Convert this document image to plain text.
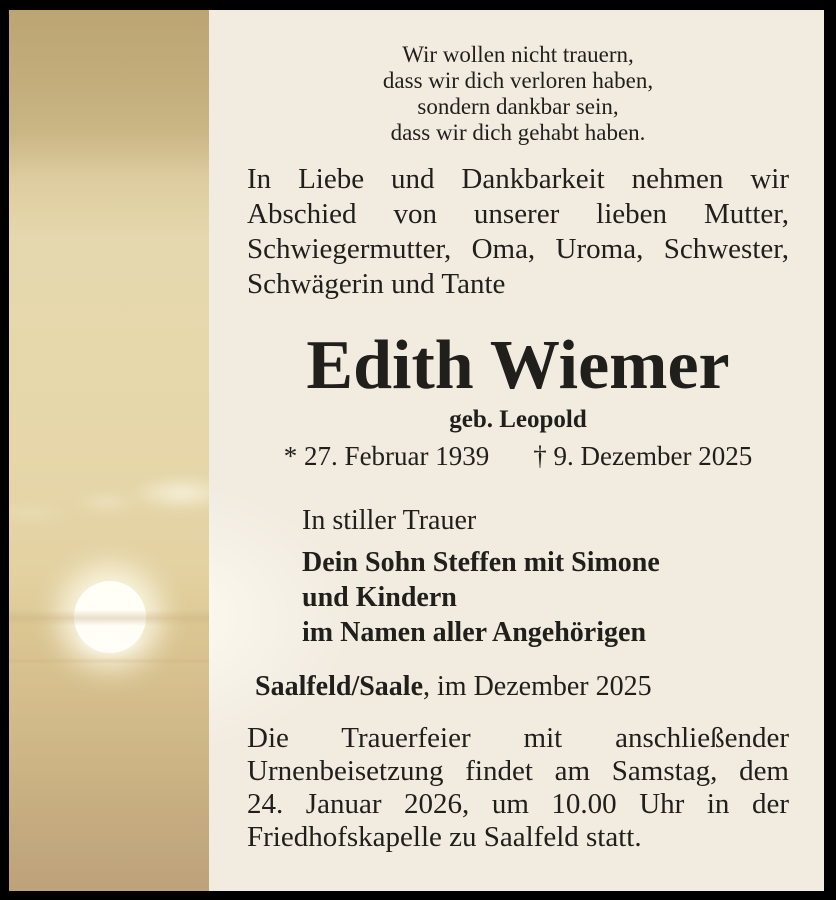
Wir wollen nicht trauern,
dass wir dich verloren haben,
sondern dankbar sein,
dass wir dich gehabt haben.
In Liebe und Dankbarkeit nehmen wir
Abschied von unserer lieben Mutter,
Schwiegermutter, Oma, Uroma, Schwester,
Schwägerin und Tante
Edith Wiemer
geb. Leopold
* 27. Februar 1939 † 9. Dezember 2025
In stiller Trauer
Dein Sohn Steffen mit Simone
und Kindern
im Namen aller Angehörigen
Saalfeld/Saale, im Dezember 2025
Die Trauerfeier mit anschließender
Urnenbeisetzung findet am Samstag, dem
24. Januar 2026, um 10.00 Uhr in der
Friedhofskapelle zu Saalfeld statt.
